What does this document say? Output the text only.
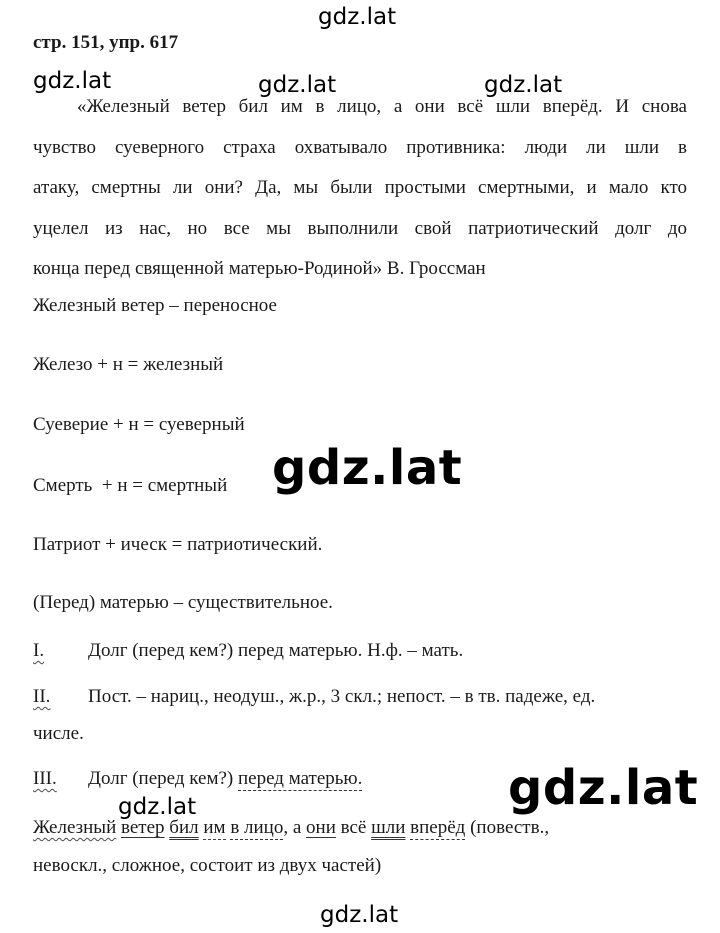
gdz.lat
gdz.lat	gdz.lat	gdz.lat
gdz.lat
gdz.lat
gdz.lat
gdz.lat
стр. 151, упр. 617
«Железный ветер бил им в лицо, а они всё шли вперёд. И снова
чувство суеверного страха охватывало противника: люди ли шли в
атаку, смертны ли они? Да, мы были простыми смертными, и мало кто
уцелел из нас, но все мы выполнили свой патриотический долг до
конца перед священной матерью-Родиной» В. Гроссман
Железный ветер – переносное
Железо + н = железный
Суеверие + н = суеверный
Смерть  + н = смертный
Патриот + ическ = патриотический.
(Перед) матерью – существительное.
I. Долг (перед кем?) перед матерью. Н.ф. – мать.
II. Пост. – нариц., неодуш., ж.р., 3 скл.; непост. – в тв. падеже, ед.
числе.
III. Долг (перед кем?) перед матерью.
Железный ветер бил им в лицо, а они всё шли вперёд (повеств.,
невоскл., сложное, состоит из двух частей)
